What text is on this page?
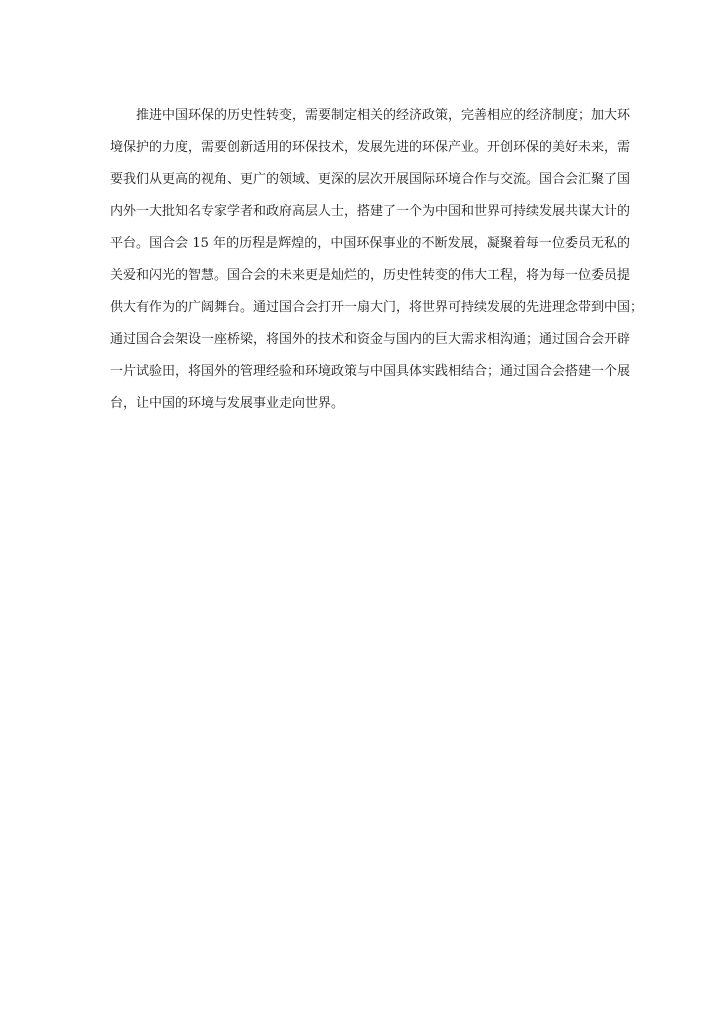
推进中国环保的历史性转变，需要制定相关的经济政策，完善相应的经济制度；加大环
境保护的力度，需要创新适用的环保技术，发展先进的环保产业。开创环保的美好未来，需
要我们从更高的视角、更广的领域、更深的层次开展国际环境合作与交流。国合会汇聚了国
内外一大批知名专家学者和政府高层人士，搭建了一个为中国和世界可持续发展共谋大计的
平台。国合会 15 年的历程是辉煌的，中国环保事业的不断发展，凝聚着每一位委员无私的
关爱和闪光的智慧。国合会的未来更是灿烂的，历史性转变的伟大工程，将为每一位委员提
供大有作为的广阔舞台。通过国合会打开一扇大门，将世界可持续发展的先进理念带到中国；
通过国合会架设一座桥梁，将国外的技术和资金与国内的巨大需求相沟通；通过国合会开辟
一片试验田，将国外的管理经验和环境政策与中国具体实践相结合；通过国合会搭建一个展
台，让中国的环境与发展事业走向世界。
